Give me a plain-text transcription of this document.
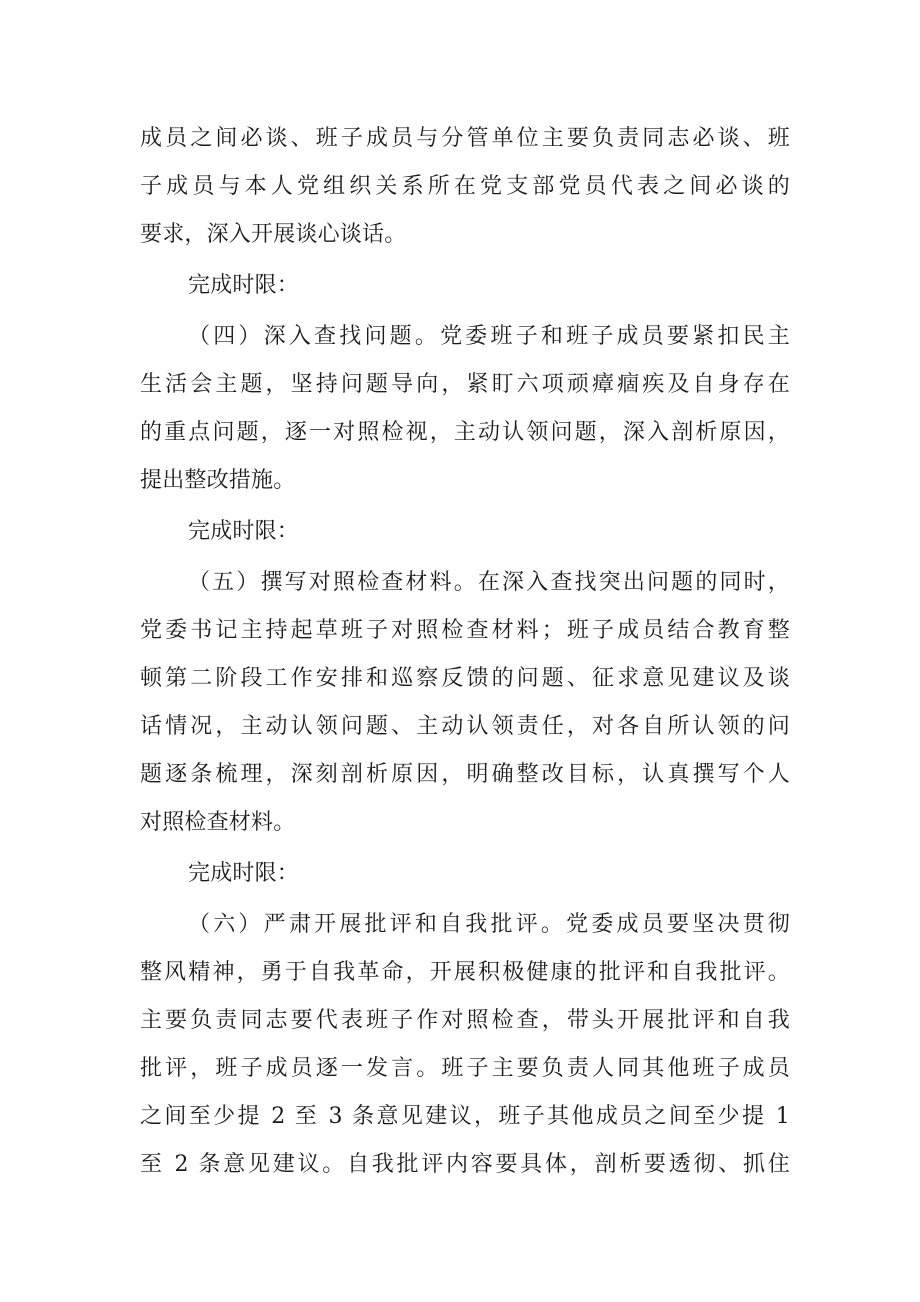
成员之间必谈、班子成员与分管单位主要负责同志必谈、班
子成员与本人党组织关系所在党支部党员代表之间必谈的
要求，深入开展谈心谈话。
完成时限：
（四）深入查找问题。党委班子和班子成员要紧扣民主
生活会主题，坚持问题导向，紧盯六项顽瘴痼疾及自身存在
的重点问题，逐一对照检视，主动认领问题，深入剖析原因，
提出整改措施。
完成时限：
（五）撰写对照检查材料。在深入查找突出问题的同时，
党委书记主持起草班子对照检查材料；班子成员结合教育整
顿第二阶段工作安排和巡察反馈的问题、征求意见建议及谈
话情况，主动认领问题、主动认领责任，对各自所认领的问
题逐条梳理，深刻剖析原因，明确整改目标，认真撰写个人
对照检查材料。
完成时限：
（六）严肃开展批评和自我批评。党委成员要坚决贯彻
整风精神，勇于自我革命，开展积极健康的批评和自我批评。
主要负责同志要代表班子作对照检查，带头开展批评和自我
批评，班子成员逐一发言。班子主要负责人同其他班子成员
之间至少提 2 至 3 条意见建议，班子其他成员之间至少提 1
至 2 条意见建议。自我批评内容要具体，剖析要透彻、抓住
